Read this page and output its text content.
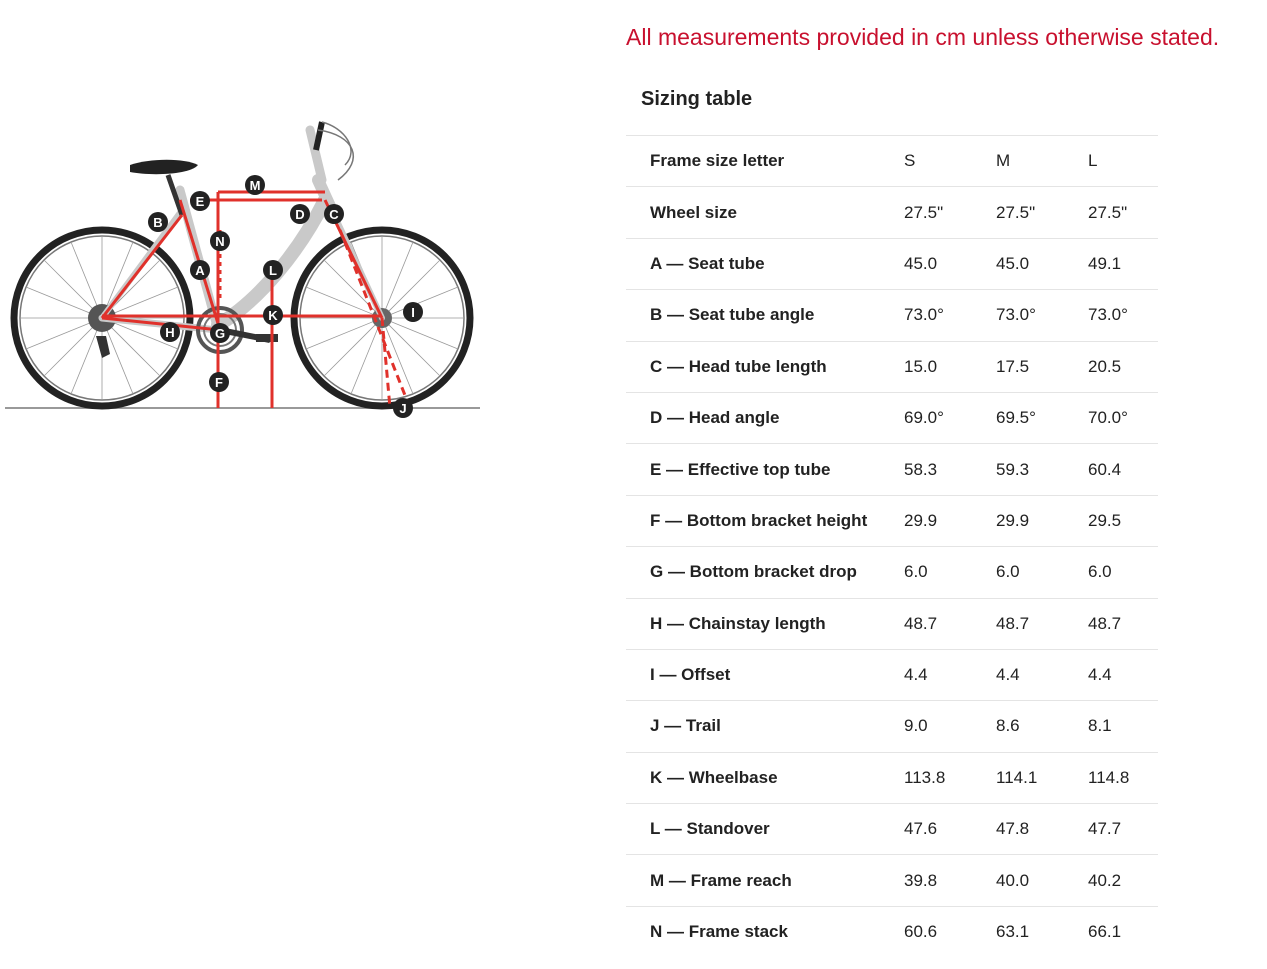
A
B
C
D
E
F
G
H
I
J
K
L
M
N
All measurements provided in cm unless otherwise stated.
Sizing table
Frame size letter	S	M	L
Wheel size	27.5"	27.5"	27.5"
A — Seat tube	45.0	45.0	49.1
B — Seat tube angle	73.0°	73.0°	73.0°
C — Head tube length	15.0	17.5	20.5
D — Head angle	69.0°	69.5°	70.0°
E — Effective top tube	58.3	59.3	60.4
F — Bottom bracket height	29.9	29.9	29.5
G — Bottom bracket drop	6.0	6.0	6.0
H — Chainstay length	48.7	48.7	48.7
I — Offset	4.4	4.4	4.4
J — Trail	9.0	8.6	8.1
K — Wheelbase	113.8	114.1	114.8
L — Standover	47.6	47.8	47.7
M — Frame reach	39.8	40.0	40.2
N — Frame stack	60.6	63.1	66.1
